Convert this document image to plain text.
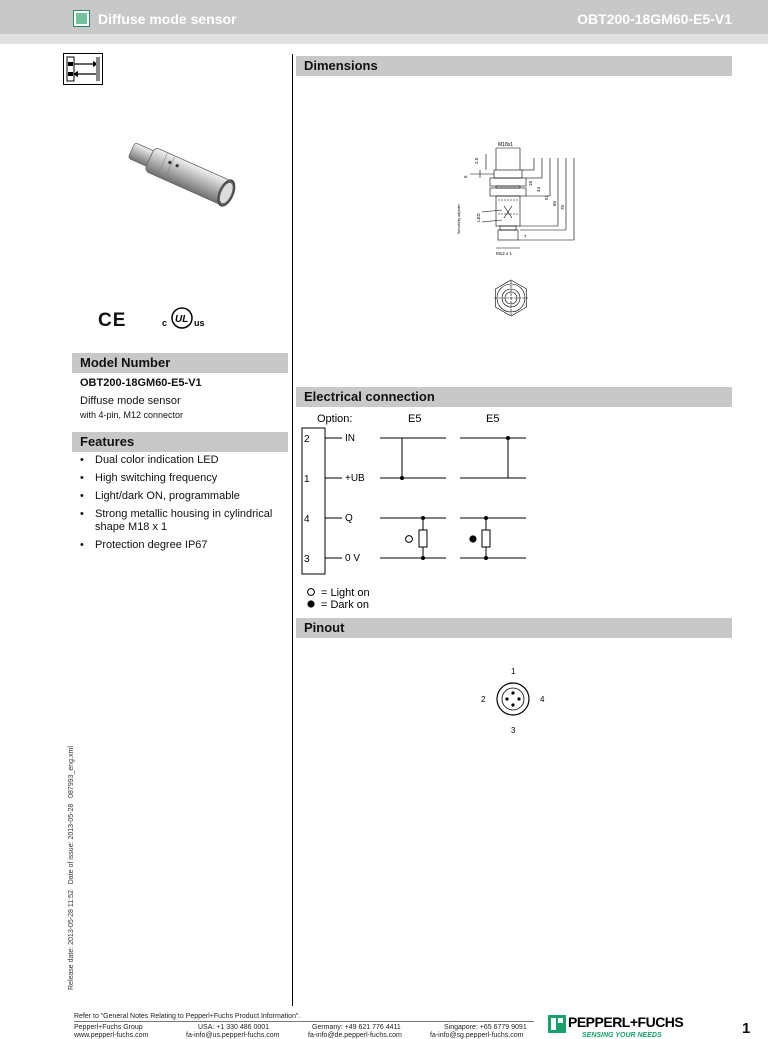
Diffuse mode sensor	OBT200-18GM60-E5-V1
CE	c UL us
Model Number
OBT200-18GM60-E5-V1
Diffuse mode sensor
with 4-pin, M12 connector
Features
• Dual color indication LED
• High switching frequency
• Light/dark ON, programmable
• Strong metallic housing in cylindrical shape M18 x 1
• Protection degree IP67
Dimensions
M18x1
2.5
6
18
44
51
60
70
7
LED
Sensitivity adjuster
M12 x 1
Electrical connection
Option:	E5	E5
2
1
4
3
IN
+UB
Q
0 V
= Light on
= Dark on
Pinout
1
2	4
3
Release date: 2013-05-28 11:52   Date of issue: 2013-05-28   087993_eng.xml
Refer to “General Notes Relating to Pepperl+Fuchs Product Information”.
Pepperl+Fuchs Group
www.pepperl-fuchs.com
USA: +1 330 486 0001
fa-info@us.pepperl-fuchs.com
Germany: +49 621 776 4411
fa-info@de.pepperl-fuchs.com
Singapore: +65 6779 9091
fa-info@sg.pepperl-fuchs.com
PEPPERL+FUCHS
SENSING YOUR NEEDS	1
